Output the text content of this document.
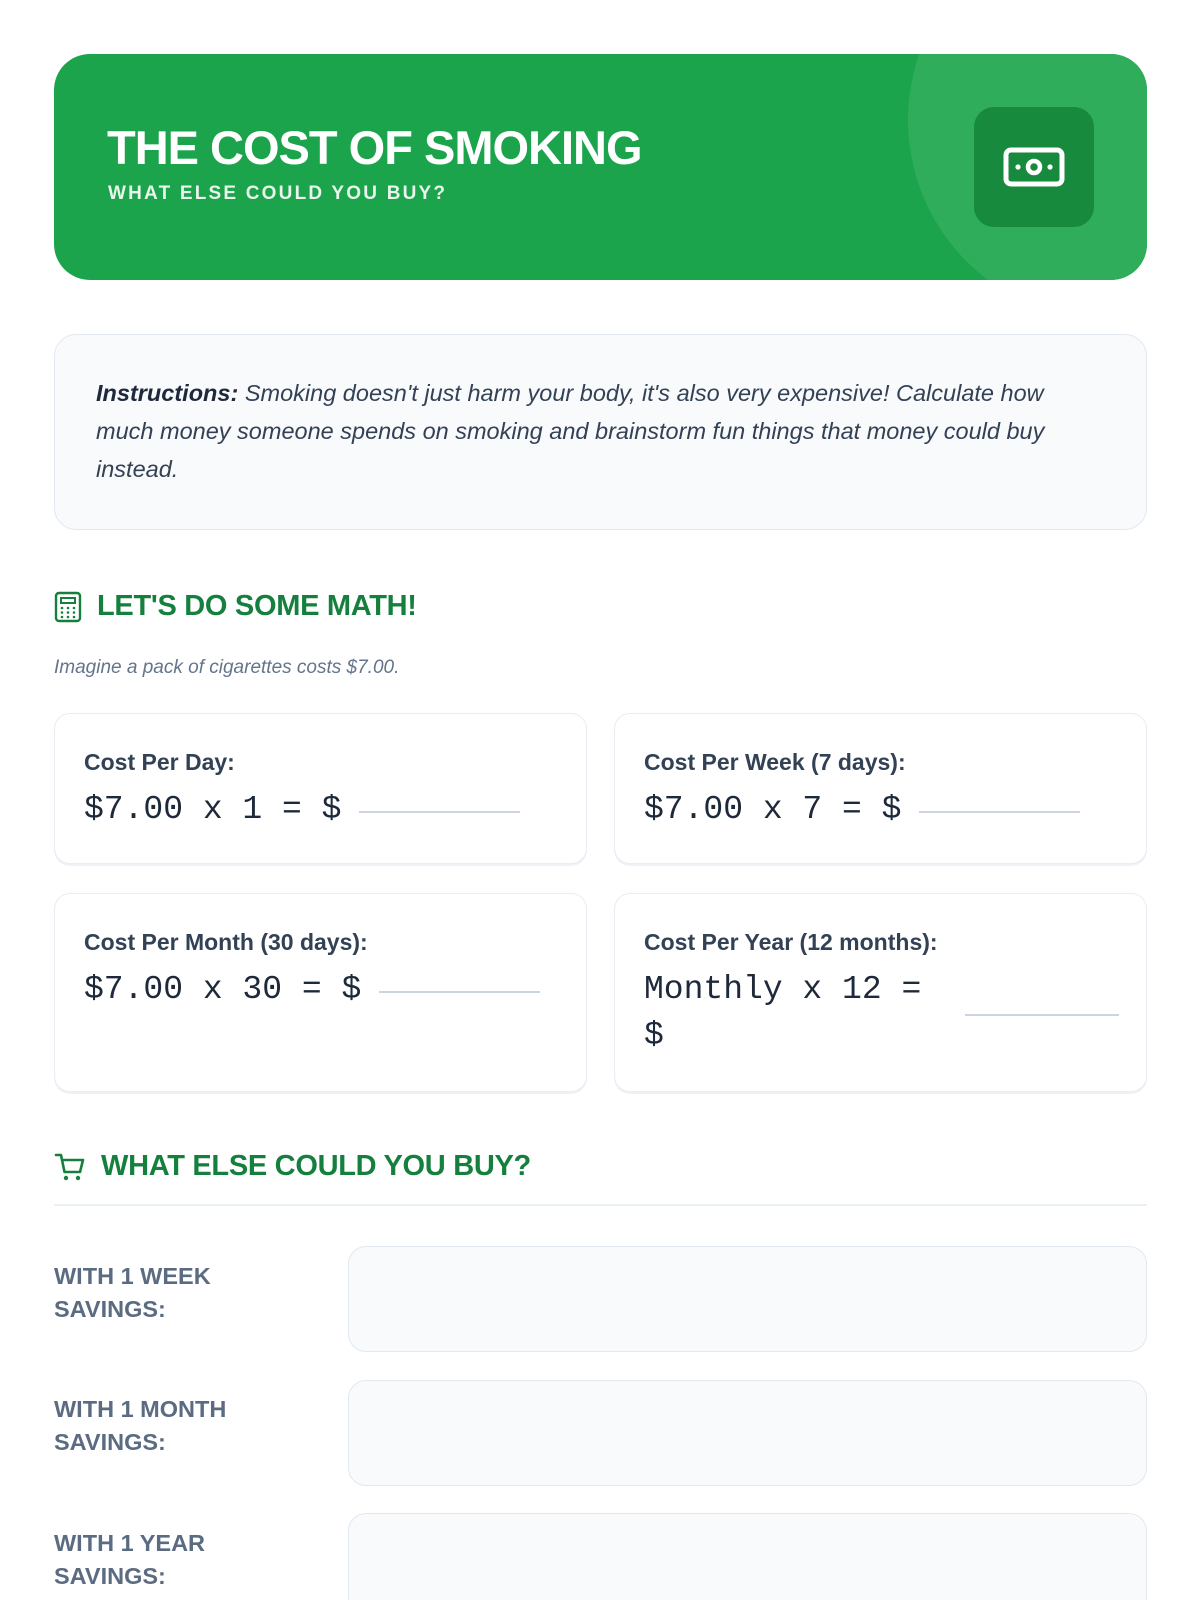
THE COST OF SMOKING
WHAT ELSE COULD YOU BUY?
Instructions: Smoking doesn't just harm your body, it's also very expensive! Calculate how much money someone spends on smoking and brainstorm fun things that money could buy instead.
LET'S DO SOME MATH!
Imagine a pack of cigarettes costs $7.00.
Cost Per Day:
$7.00 x 1 = $
Cost Per Week (7 days):
$7.00 x 7 = $
Cost Per Month (30 days):
$7.00 x 30 = $
Cost Per Year (12 months):
Monthly x 12 =
$
WHAT ELSE COULD YOU BUY?
WITH 1 WEEK
SAVINGS:
WITH 1 MONTH
SAVINGS:
WITH 1 YEAR
SAVINGS:
